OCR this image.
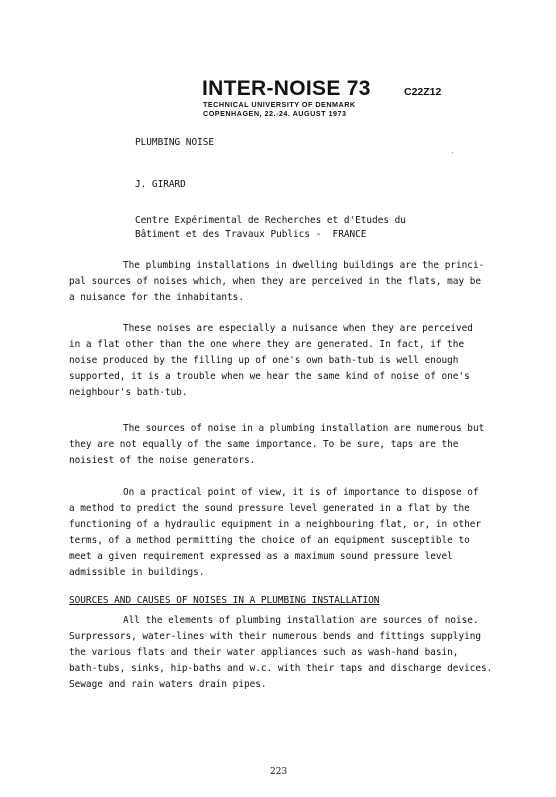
INTER-NOISE 73
TECHNICAL UNIVERSITY OF DENMARK
COPENHAGEN, 22.-24. AUGUST 1973
C22Z12
PLUMBING NOISE
J. GIRARD
Centre Expérimental de Recherches et d'Etudes du
Bâtiment et des Travaux Publics -  FRANCE
The plumbing installations in dwelling buildings are the princi-
pal sources of noises which, when they are perceived in the flats, may be
a nuisance for the inhabitants.
These noises are especially a nuisance when they are perceived
in a flat other than the one where they are generated. In fact, if the
noise produced by the filling up of one's own bath-tub is well enough
supported, it is a trouble when we hear the same kind of noise of one's
neighbour's bath-tub.
The sources of noise in a plumbing installation are numerous but
they are not equally of the same importance. To be sure, taps are the
noisiest of the noise generators.
On a practical point of view, it is of importance to dispose of
a method to predict the sound pressure level generated in a flat by the
functioning of a hydraulic equipment in a neighbouring flat, or, in other
terms, of a method permitting the choice of an equipment susceptible to
meet a given requirement expressed as a maximum sound pressure level
admissible in buildings.
SOURCES AND CAUSES OF NOISES IN A PLUMBING INSTALLATION
All the elements of plumbing installation are sources of noise.
Surpressors, water-lines with their numerous bends and fittings supplying
the various flats and their water appliances such as wash-hand basin,
bath-tubs, sinks, hip-baths and w.c. with their taps and discharge devices.
Sewage and rain waters drain pipes.
223
